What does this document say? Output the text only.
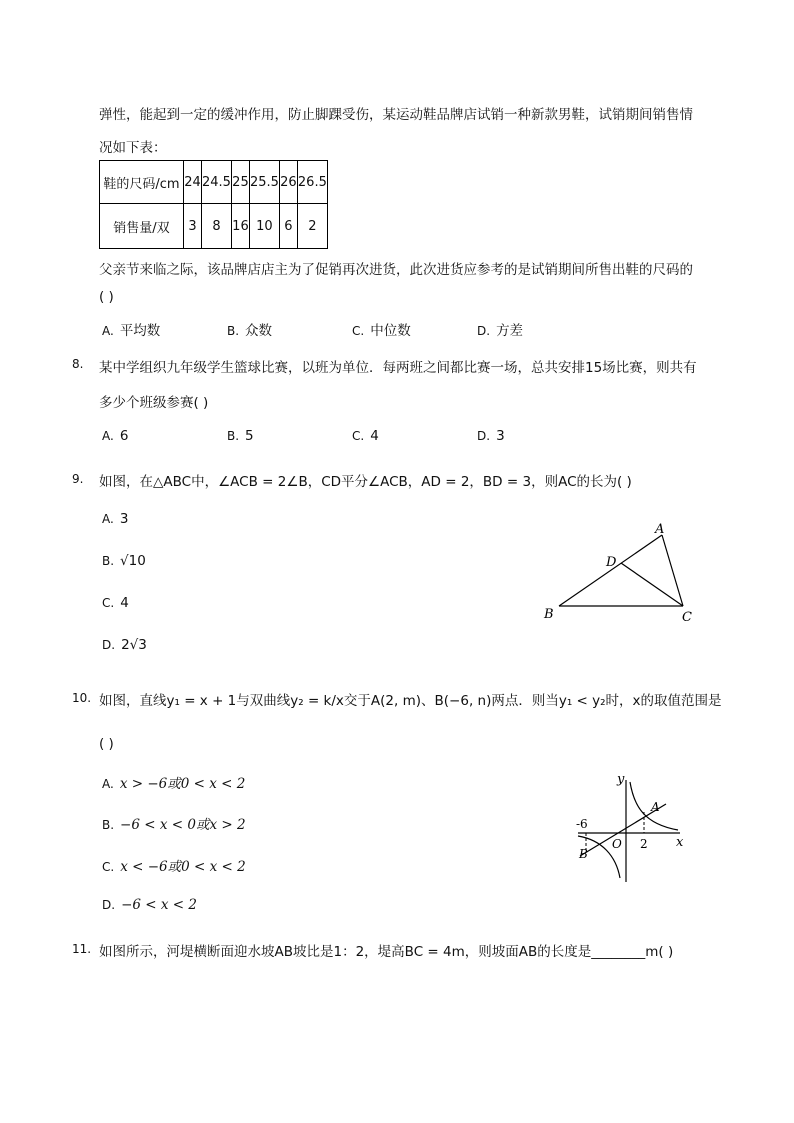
弹性，能起到一定的缓冲作用，防止脚踝受伤，某运动鞋品牌店试销一种新款男鞋，试销期间销售情
况如下表：
鞋的尺码/cm	24	24.5	25	25.5	26	26.5
销售量/双	3	8	16	10	6	2
父亲节来临之际，该品牌店店主为了促销再次进货，此次进货应参考的是试销期间所售出鞋的尺码的
( )
A. 平均数	B. 众数	C. 中位数	D. 方差
8. 某中学组织九年级学生篮球比赛，以班为单位．每两班之间都比赛一场，总共安排15场比赛，则共有
多少个班级参赛( )
A. 6	B. 5	C. 4	D. 3
9. 如图，在△ABC中，∠ACB = 2∠B，CD平分∠ACB，AD = 2，BD = 3，则AC的长为( )
A. 3
B. √10
C. 4
D. 2√3
A
D
B	C
10. 如图，直线y₁ = x + 1与双曲线y₂ = k/x交于A(2, m)、B(−6, n)两点．则当y₁ < y₂时，x的取值范围是
( )
A. x > −6或0 < x < 2
B. −6 < x < 0或x > 2
C. x < −6或0 < x < 2
D. −6 < x < 2
y
x
A
B
O
-6
2
11. 如图所示，河堤横断面迎水坡AB坡比是1：2，堤高BC = 4m，则坡面AB的长度是________m( )
